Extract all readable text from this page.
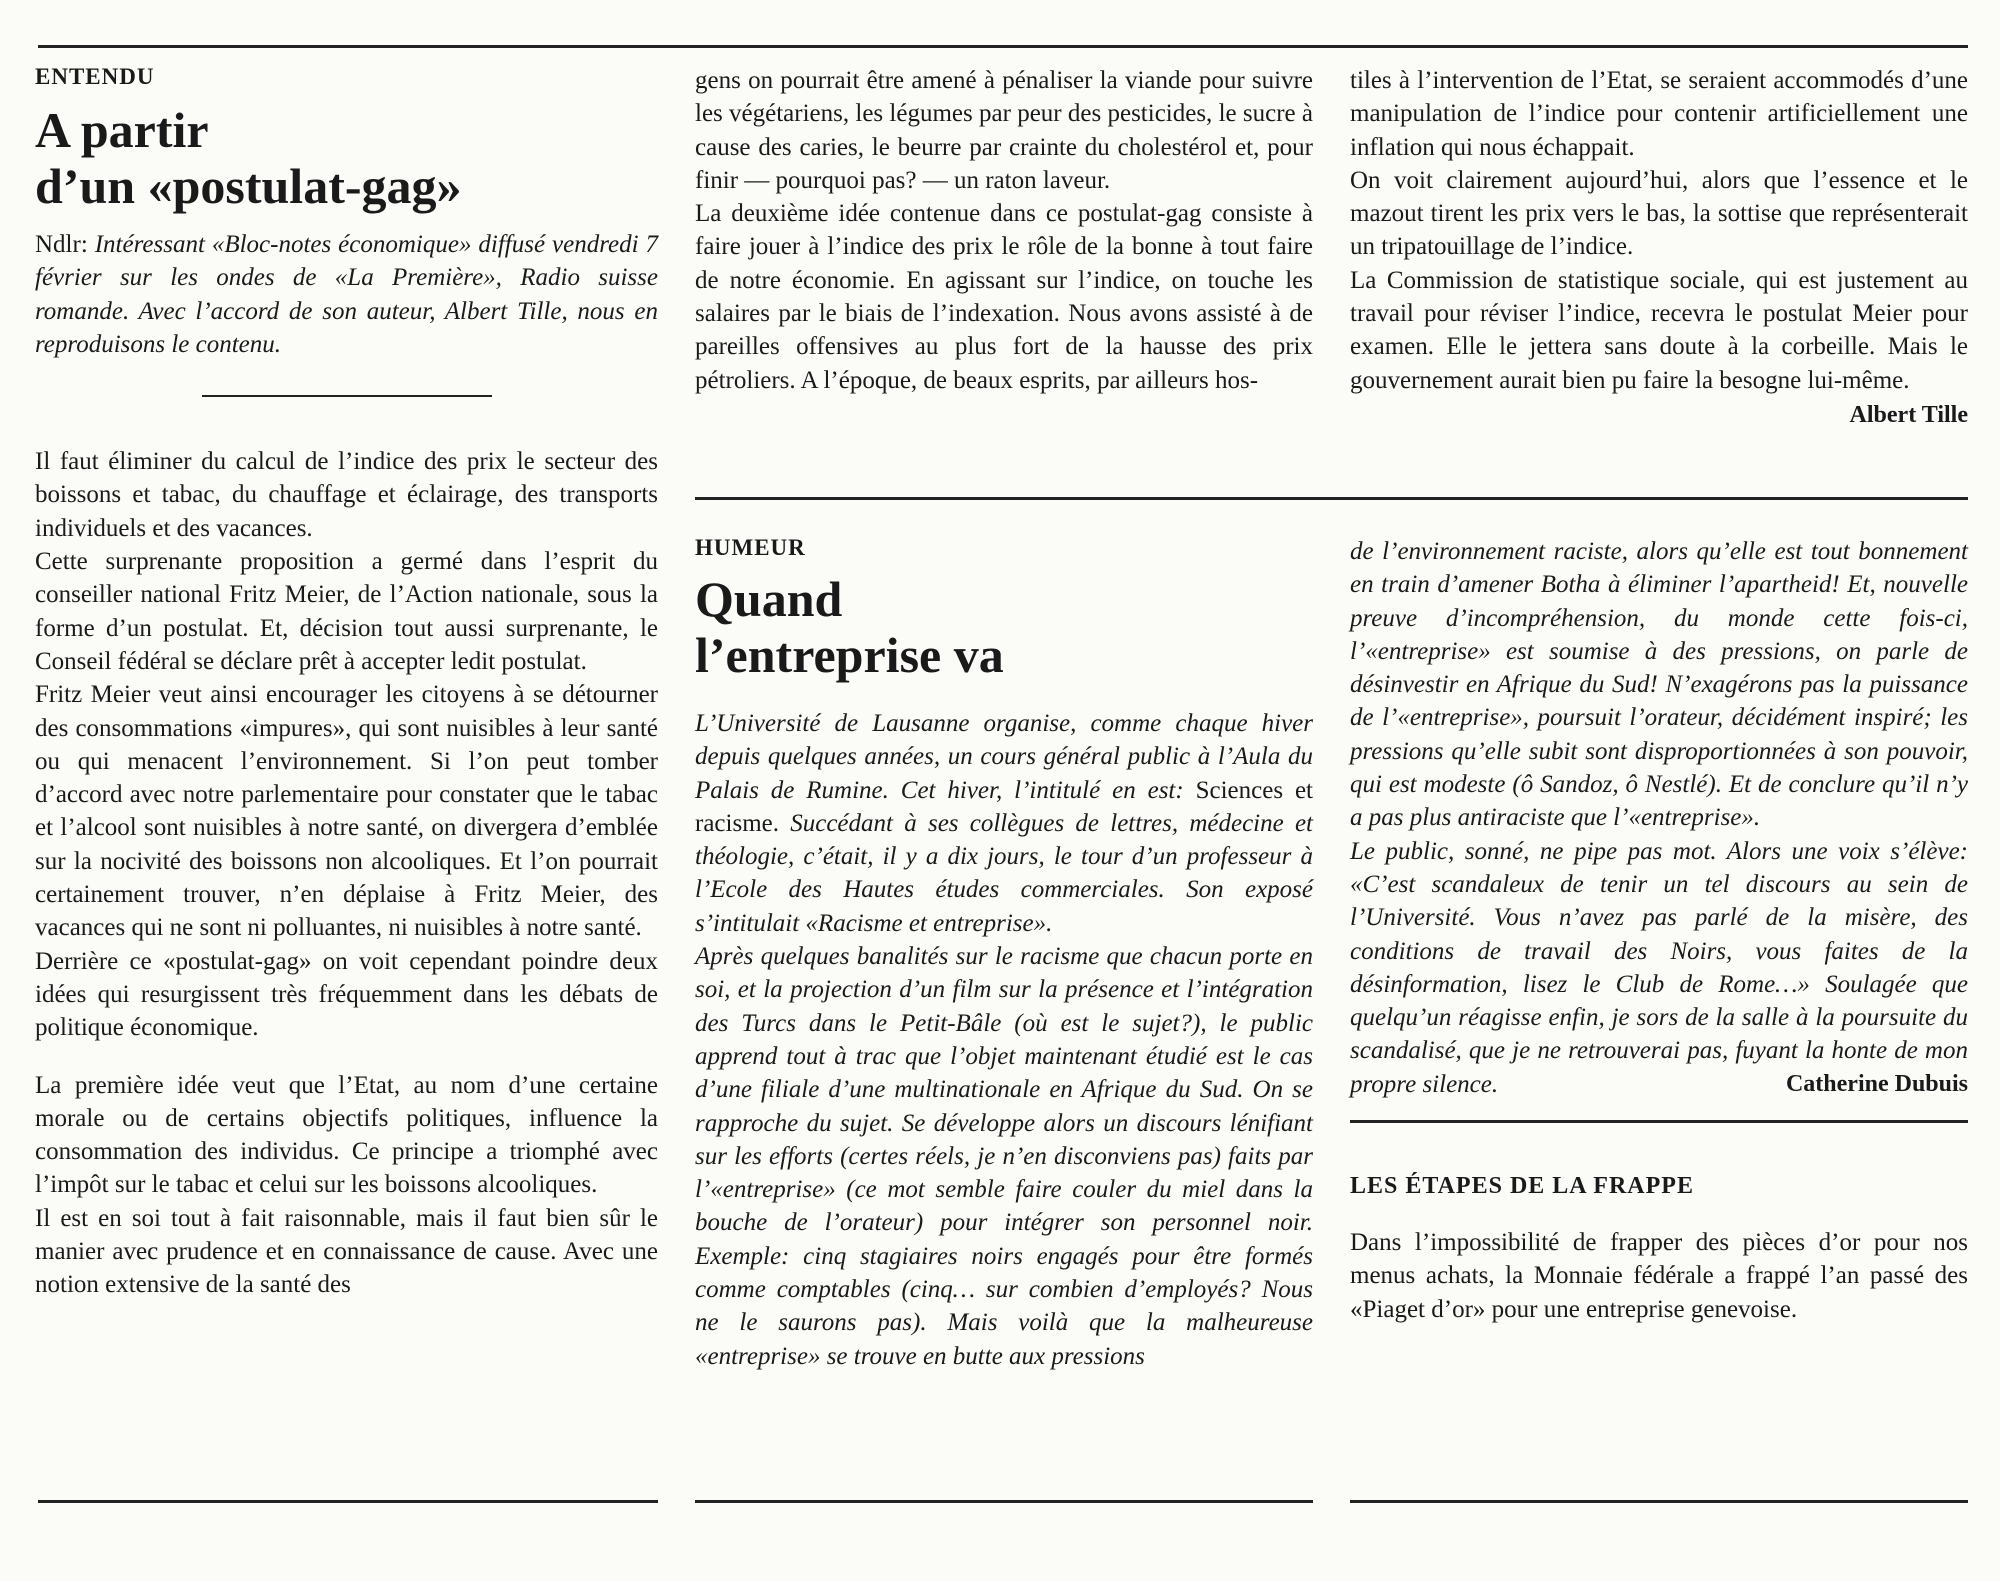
ENTENDU
A partir
d’un «postulat-gag»

Ndlr: Intéressant «Bloc-notes économique» diffusé vendredi 7 février sur les ondes de «La Première», Radio suisse romande. Avec l’accord de son auteur, Albert Tille, nous en reproduisons le contenu.

Il faut éliminer du calcul de l’indice des prix le secteur des boissons et tabac, du chauffage et éclairage, des transports individuels et des vacances.

Cette surprenante proposition a germé dans l’esprit du conseiller national Fritz Meier, de l’Action nationale, sous la forme d’un postulat. Et, décision tout aussi surprenante, le Conseil fédéral se déclare prêt à accepter ledit postulat.

Fritz Meier veut ainsi encourager les citoyens à se détourner des consommations «impures», qui sont nuisibles à leur santé ou qui menacent l’environnement. Si l’on peut tomber d’accord avec notre parlementaire pour constater que le tabac et l’alcool sont nuisibles à notre santé, on divergera d’emblée sur la nocivité des boissons non alcooliques. Et l’on pourrait certainement trouver, n’en déplaise à Fritz Meier, des vacances qui ne sont ni polluantes, ni nuisibles à notre santé.

Derrière ce «postulat-gag» on voit cependant poindre deux idées qui resurgissent très fréquemment dans les débats de politique économique.

La première idée veut que l’Etat, au nom d’une certaine morale ou de certains objectifs politiques, influence la consommation des individus. Ce principe a triomphé avec l’impôt sur le tabac et celui sur les boissons alcooliques.

Il est en soi tout à fait raisonnable, mais il faut bien sûr le manier avec prudence et en connaissance de cause. Avec une notion extensive de la santé des

gens on pourrait être amené à pénaliser la viande pour suivre les végétariens, les légumes par peur des pesticides, le sucre à cause des caries, le beurre par crainte du cholestérol et, pour finir — pourquoi pas? — un raton laveur.

La deuxième idée contenue dans ce postulat-gag consiste à faire jouer à l’indice des prix le rôle de la bonne à tout faire de notre économie. En agissant sur l’indice, on touche les salaires par le biais de l’indexation. Nous avons assisté à de pareilles offensives au plus fort de la hausse des prix pétroliers. A l’époque, de beaux esprits, par ailleurs hos-

tiles à l’intervention de l’Etat, se seraient accommodés d’une manipulation de l’indice pour contenir artificiellement une inflation qui nous échappait.

On voit clairement aujourd’hui, alors que l’essence et le mazout tirent les prix vers le bas, la sottise que représenterait un tripatouillage de l’indice.

La Commission de statistique sociale, qui est justement au travail pour réviser l’indice, recevra le postulat Meier pour examen. Elle le jettera sans doute à la corbeille. Mais le gouvernement aurait bien pu faire la besogne lui-même.
Albert Tille

HUMEUR
Quand
l’entreprise va

L’Université de Lausanne organise, comme chaque hiver depuis quelques années, un cours général public à l’Aula du Palais de Rumine. Cet hiver, l’intitulé en est: Sciences et racisme. Succédant à ses collègues de lettres, médecine et théologie, c’était, il y a dix jours, le tour d’un professeur à l’Ecole des Hautes études commerciales. Son exposé s’intitulait «Racisme et entreprise».

Après quelques banalités sur le racisme que chacun porte en soi, et la projection d’un film sur la présence et l’intégration des Turcs dans le Petit-Bâle (où est le sujet?), le public apprend tout à trac que l’objet maintenant étudié est le cas d’une filiale d’une multinationale en Afrique du Sud. On se rapproche du sujet. Se développe alors un discours lénifiant sur les efforts (certes réels, je n’en disconviens pas) faits par l’«entreprise» (ce mot semble faire couler du miel dans la bouche de l’orateur) pour intégrer son personnel noir. Exemple: cinq stagiaires noirs engagés pour être formés comme comptables (cinq… sur combien d’employés? Nous ne le saurons pas). Mais voilà que la malheureuse «entreprise» se trouve en butte aux pressions

de l’environnement raciste, alors qu’elle est tout bonnement en train d’amener Botha à éliminer l’apartheid! Et, nouvelle preuve d’incompréhension, du monde cette fois-ci, l’«entreprise» est soumise à des pressions, on parle de désinvestir en Afrique du Sud! N’exagérons pas la puissance de l’«entreprise», poursuit l’orateur, décidément inspiré; les pressions qu’elle subit sont disproportionnées à son pouvoir, qui est modeste (ô Sandoz, ô Nestlé). Et de conclure qu’il n’y a pas plus antiraciste que l’«entreprise».

Le public, sonné, ne pipe pas mot. Alors une voix s’élève: «C’est scandaleux de tenir un tel discours au sein de l’Université. Vous n’avez pas parlé de la misère, des conditions de travail des Noirs, vous faites de la désinformation, lisez le Club de Rome…» Soulagée que quelqu’un réagisse enfin, je sors de la salle à la poursuite du scandalisé, que je ne retrouverai pas, fuyant la honte de mon propre silence.	Catherine Dubuis
LES ÉTAPES DE LA FRAPPE

Dans l’impossibilité de frapper des pièces d’or pour nos menus achats, la Monnaie fédérale a frappé l’an passé des «Piaget d’or» pour une entreprise genevoise.
